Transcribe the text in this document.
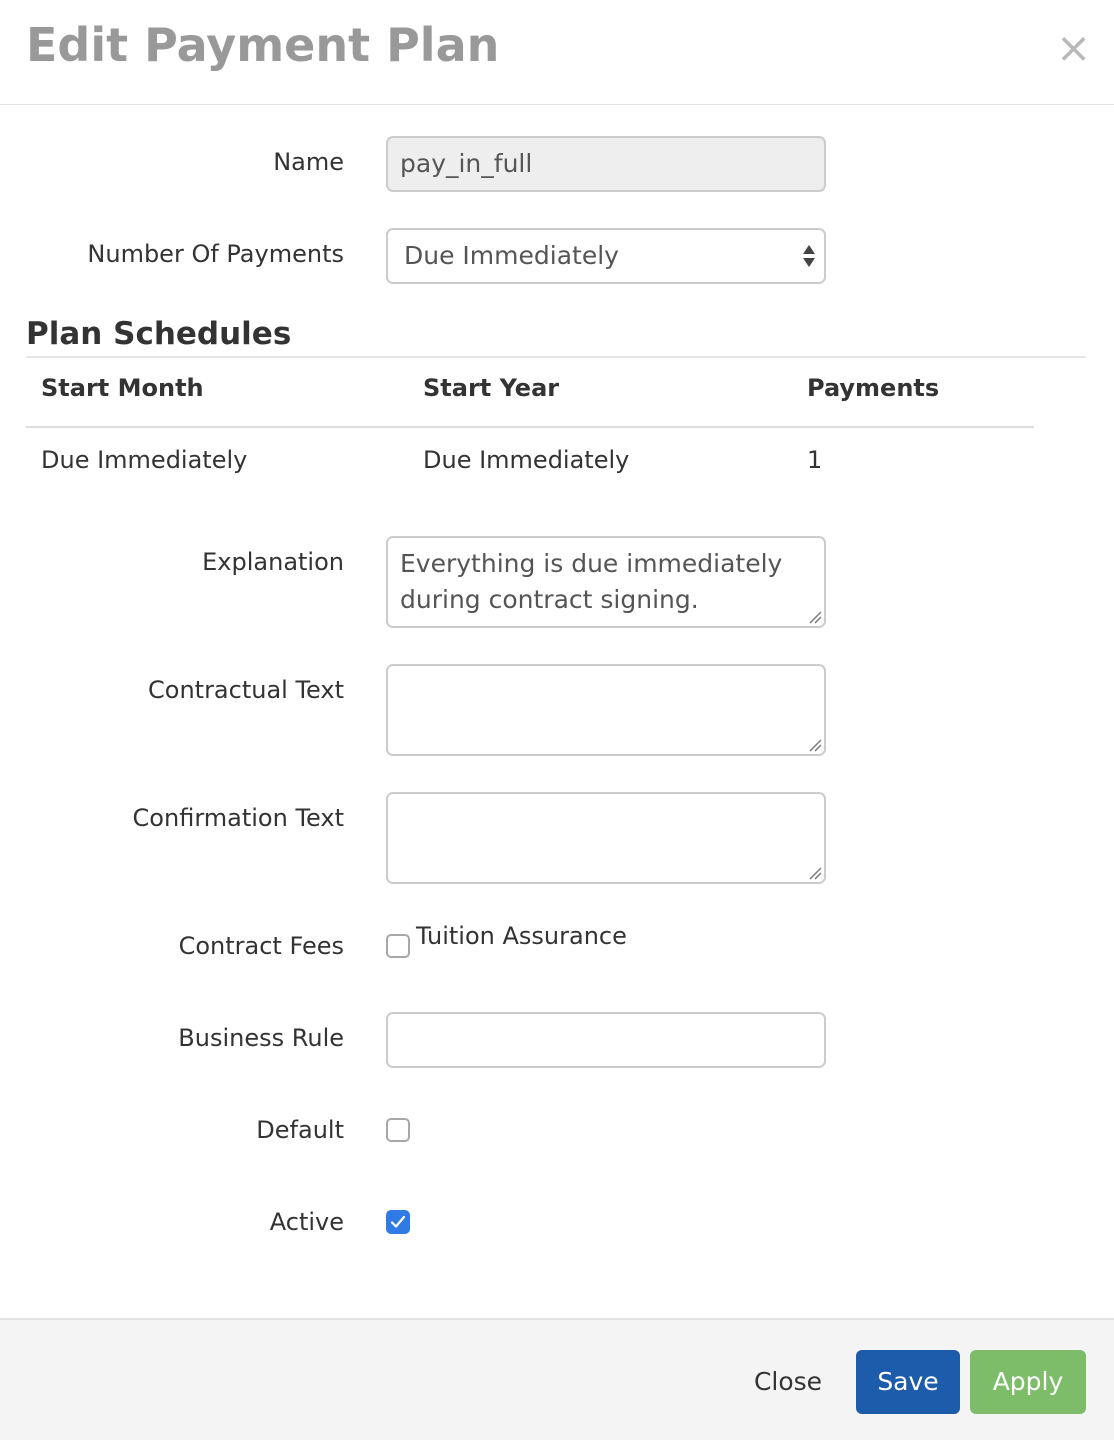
Edit Payment Plan	×
Name	pay_in_full
Number Of Payments	Due Immediately
Plan Schedules
Start Month	Start Year	Payments
Due Immediately	Due Immediately	1
Explanation	Everything is due immediately during contract signing.
Contractual Text
Confirmation Text
Contract Fees	Tuition Assurance
Business Rule
Default
Active
Close	Save	Apply
